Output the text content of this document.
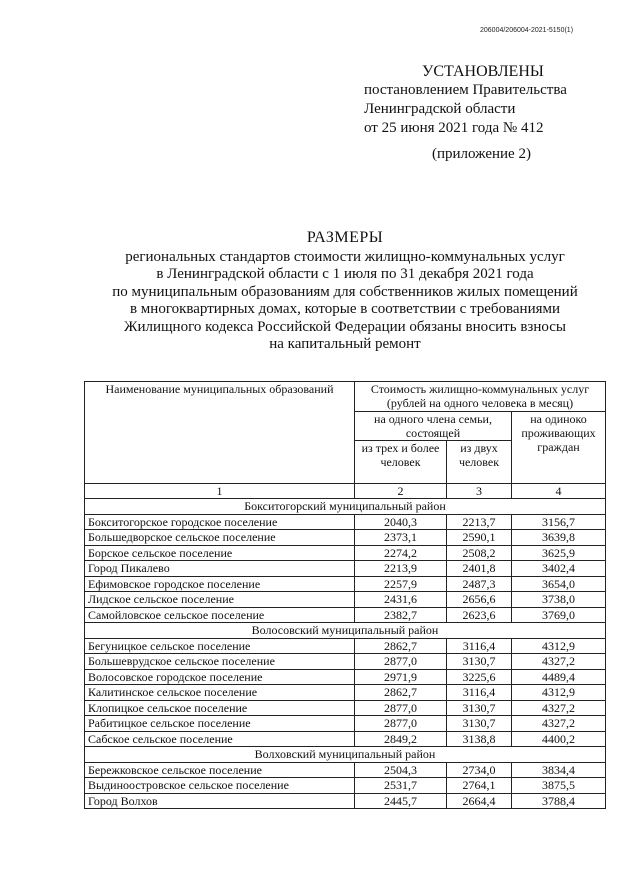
206004/206004-2021-5150(1)
УСТАНОВЛЕНЫ
постановлением Правительства
Ленинградской области
от 25 июня 2021 года № 412
(приложение 2)
РАЗМЕРЫ
региональных стандартов стоимости жилищно-коммунальных услуг
в Ленинградской области с 1 июля по 31 декабря 2021 года
по муниципальным образованиям для собственников жилых помещений
в многоквартирных домах, которые в соответствии с требованиями
Жилищного кодекса Российской Федерации обязаны вносить взносы
на капитальный ремонт
Наименование муниципальных образований	Стоимость жилищно-коммунальных услуг (рублей на одного человека в месяц)		
	на одного члена семьи, состоящей		на одиноко проживающих граждан
	из трех и более человек	из двух человек	
1	2	3	4
Бокситогорский муниципальный район			
Бокситогорское городское поселение	2040,3	2213,7	3156,7
Большедворское сельское поселение	2373,1	2590,1	3639,8
Борское сельское поселение	2274,2	2508,2	3625,9
Город Пикалево	2213,9	2401,8	3402,4
Ефимовское городское поселение	2257,9	2487,3	3654,0
Лидское сельское поселение	2431,6	2656,6	3738,0
Самойловское сельское поселение	2382,7	2623,6	3769,0
Волосовский муниципальный район			
Бегуницкое сельское поселение	2862,7	3116,4	4312,9
Большеврудское сельское поселение	2877,0	3130,7	4327,2
Волосовское городское поселение	2971,9	3225,6	4489,4
Калитинское сельское поселение	2862,7	3116,4	4312,9
Клопицкое сельское поселение	2877,0	3130,7	4327,2
Рабитицкое сельское поселение	2877,0	3130,7	4327,2
Сабское сельское поселение	2849,2	3138,8	4400,2
Волховский муниципальный район			
Бережковское сельское поселение	2504,3	2734,0	3834,4
Выдиноостровское сельское поселение	2531,7	2764,1	3875,5
Город Волхов	2445,7	2664,4	3788,4
